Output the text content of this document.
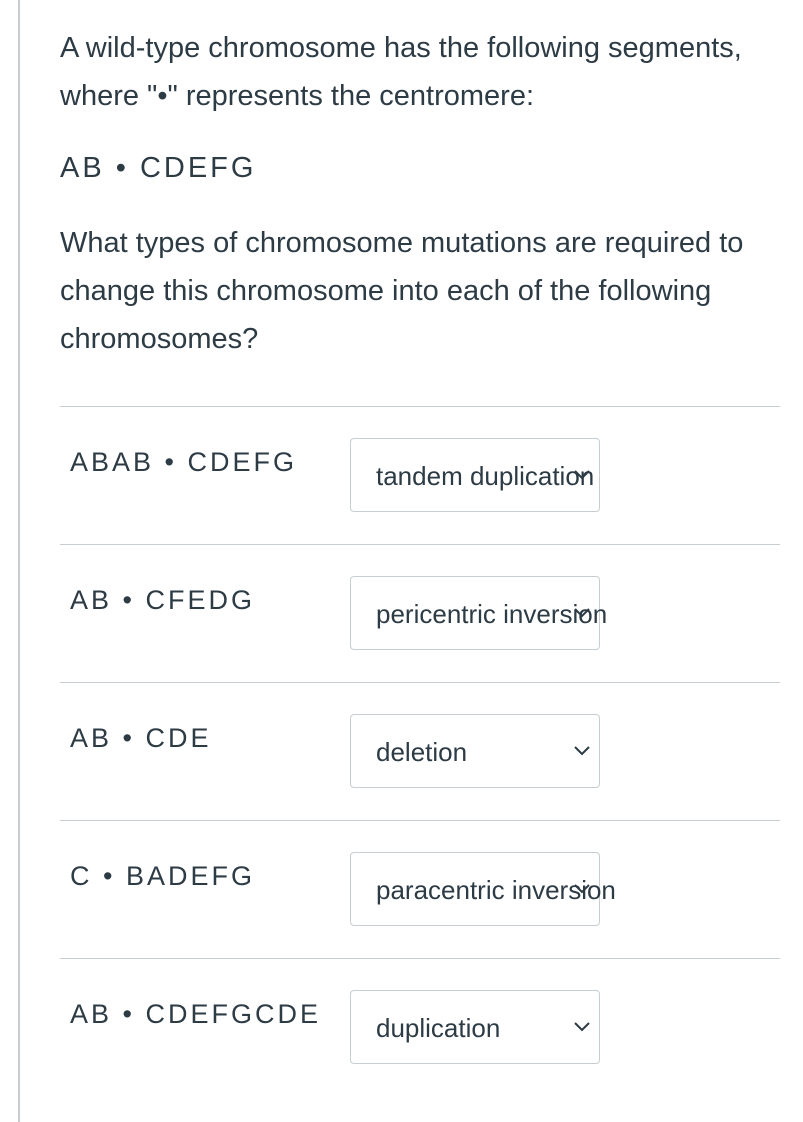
A wild-type chromosome has the following segments, where "•" represents the centromere:

AB • CDEFG

What types of chromosome mutations are required to change this chromosome into each of the following chromosomes?

ABAB • CDEFG	tandem duplication
AB • CFEDG	pericentric inversion
AB • CDE	deletion
C • BADEFG	paracentric inversion
AB • CDEFGCDE duplication
